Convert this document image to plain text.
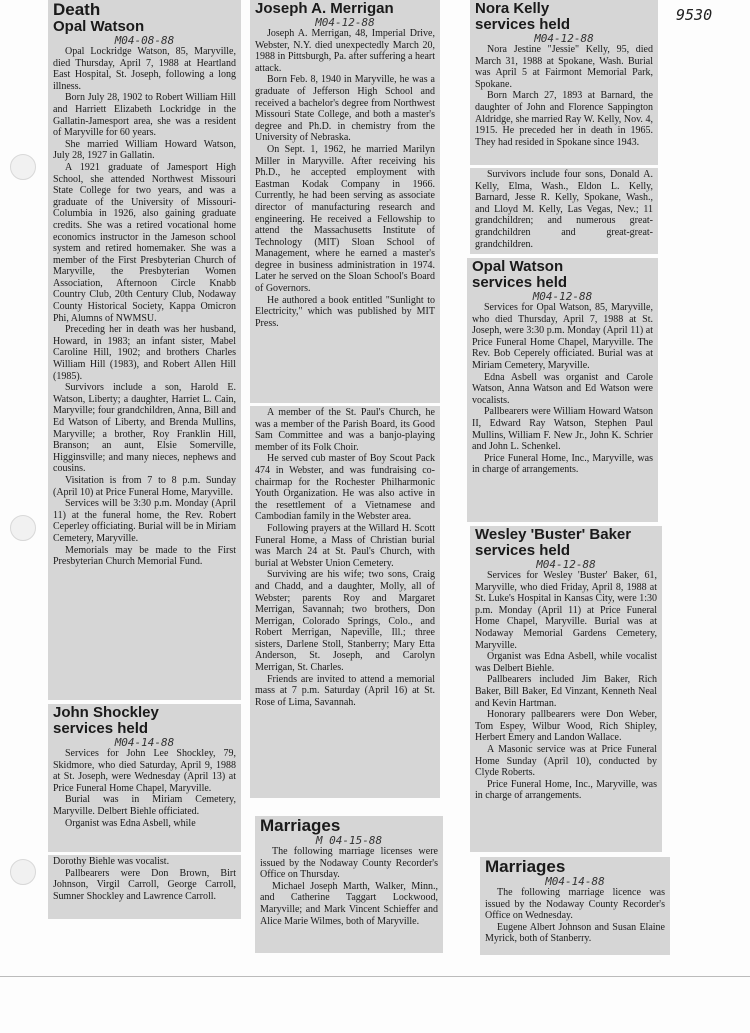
9530
Death
Opal Watson
M04-08-88

Opal Lockridge Watson, 85, Maryville, died Thursday, April 7, 1988 at Heartland East Hospital, St. Joseph, following a long illness.

Born July 28, 1902 to Robert William Hill and Harriett Elizabeth Lockridge in the Gallatin-Jamesport area, she was a resident of Maryville for 60 years.

She married William Howard Watson, July 28, 1927 in Gallatin.

A 1921 graduate of Jamesport High School, she attended Northwest Missouri State College for two years, and was a graduate of the University of Missouri-Columbia in 1926, also gaining graduate credits. She was a retired vocational home economics instructor in the Jameson school system and retired homemaker. She was a member of the First Presbyterian Church of Maryville, the Presbyterian Women Association, Afternoon Circle Knabb Country Club, 20th Century Club, Nodaway County Historical Society, Kappa Omicron Phi, Alumns of NWMSU.

Preceding her in death was her husband, Howard, in 1983; an infant sister, Mabel Caroline Hill, 1902; and brothers Charles William Hill (1983), and Robert Allen Hill (1985).

Survivors include a son, Harold E. Watson, Liberty; a daughter, Harriet L. Cain, Maryville; four grandchildren, Anna, Bill and Ed Watson of Liberty, and Brenda Mullins, Maryville; a brother, Roy Franklin Hill, Branson; an aunt, Elsie Somerville, Higginsville; and many nieces, nephews and cousins.

Visitation is from 7 to 8 p.m. Sunday (April 10) at Price Funeral Home, Maryville.

Services will be 3:30 p.m. Monday (April 11) at the funeral home, the Rev. Robert Ceperley officiating. Burial will be in Miriam Cemetery, Maryville.

Memorials may be made to the First Presbyterian Church Memorial Fund.

John Shockley
services held
M04-14-88

Services for John Lee Shockley, 79, Skidmore, who died Saturday, April 9, 1988 at St. Joseph, were Wednesday (April 13) at Price Funeral Home Chapel, Maryville.

Burial was in Miriam Cemetery, Maryville. Delbert Biehle officiated.

Organist was Edna Asbell, while

Dorothy Biehle was vocalist.

Pallbearers were Don Brown, Birt Johnson, Virgil Carroll, George Carroll, Sumner Shockley and Lawrence Carroll.

Joseph A. Merrigan
M04-12-88

Joseph A. Merrigan, 48, Imperial Drive, Webster, N.Y. died unexpectedly March 20, 1988 in Pittsburgh, Pa. after suffering a heart attack.

Born Feb. 8, 1940 in Maryville, he was a graduate of Jefferson High School and received a bachelor's degree from Northwest Missouri State College, and both a master's degree and Ph.D. in chemistry from the University of Nebraska.

On Sept. 1, 1962, he married Marilyn Miller in Maryville. After receiving his Ph.D., he accepted employment with Eastman Kodak Company in 1966. Currently, he had been serving as associate director of manufacturing research and engineering. He received a Fellowship to attend the Massachusetts Institute of Technology (MIT) Sloan School of Management, where he earned a master's degree in business administration in 1974. Later he served on the Sloan School's Board of Governors.

He authored a book entitled "Sunlight to Electricity," which was published by MIT Press.

A member of the St. Paul's Church, he was a member of the Parish Board, its Good Sam Committee and was a banjo-playing member of its Folk Choir.

He served cub master of Boy Scout Pack 474 in Webster, and was fundraising co-chairmap for the Rochester Philharmonic Youth Organization. He was also active in the resettlement of a Vietnamese and Cambodian family in the Webster area.

Following prayers at the Willard H. Scott Funeral Home, a Mass of Christian burial was March 24 at St. Paul's Church, with burial at Webster Union Cemetery.

Surviving are his wife; two sons, Craig and Chadd, and a daughter, Molly, all of Webster; parents Roy and Margaret Merrigan, Savannah; two brothers, Don Merrigan, Colorado Springs, Colo., and Robert Merrigan, Napeville, Ill.; three sisters, Darlene Stoll, Stanberry; Mary Etta Anderson, St. Joseph, and Carolyn Merrigan, St. Charles.

Friends are invited to attend a memorial mass at 7 p.m. Saturday (April 16) at St. Rose of Lima, Savannah.

Marriages
M 04-15-88

The following marriage licenses were issued by the Nodaway County Recorder's Office on Thursday.

Michael Joseph Marth, Walker, Minn., and Catherine Taggart Lockwood, Maryville; and Mark Vincent Schieffer and Alice Marie Wilmes, both of Maryville.

Nora Kelly
services held
M04-12-88

Nora Jestine "Jessie" Kelly, 95, died March 31, 1988 at Spokane, Wash. Burial was April 5 at Fairmont Memorial Park, Spokane.

Born March 27, 1893 at Barnard, the daughter of John and Florence Sappington Aldridge, she married Ray W. Kelly, Nov. 4, 1915. He preceded her in death in 1965. They had resided in Spokane since 1943.

Survivors include four sons, Donald A. Kelly, Elma, Wash., Eldon L. Kelly, Barnard, Jesse R. Kelly, Spokane, Wash., and Lloyd M. Kelly, Las Vegas, Nev.; 11 grandchildren; and numerous great-grandchildren and great-great-grandchildren.

Opal Watson
services held
M04-12-88

Services for Opal Watson, 85, Maryville, who died Thursday, April 7, 1988 at St. Joseph, were 3:30 p.m. Monday (April 11) at Price Funeral Home Chapel, Maryville. The Rev. Bob Ceperely officiated. Burial was at Miriam Cemetery, Maryville.

Edna Asbell was organist and Carole Watson, Anna Watson and Ed Watson were vocalists.

Pallbearers were William Howard Watson II, Edward Ray Watson, Stephen Paul Mullins, William F. New Jr., John K. Schrier and John L. Schenkel.

Price Funeral Home, Inc., Maryville, was in charge of arrangements.

Wesley 'Buster' Baker
services held
M04-12-88

Services for Wesley 'Buster' Baker, 61, Maryville, who died Friday, April 8, 1988 at St. Luke's Hospital in Kansas City, were 1:30 p.m. Monday (April 11) at Price Funeral Home Chapel, Maryville. Burial was at Nodaway Memorial Gardens Cemetery, Maryville.

Organist was Edna Asbell, while vocalist was Delbert Biehle.

Pallbearers included Jim Baker, Rich Baker, Bill Baker, Ed Vinzant, Kenneth Neal and Kevin Hartman.

Honorary pallbearers were Don Weber, Tom Espey, Wilbur Wood, Rich Shipley, Herbert Emery and Landon Wallace.

A Masonic service was at Price Funeral Home Sunday (April 10), conducted by Clyde Roberts.

Price Funeral Home, Inc., Maryville, was in charge of arrangements.

Marriages
M04-14-88

The following marriage licence was issued by the Nodaway County Recorder's Office on Wednesday.

Eugene Albert Johnson and Susan Elaine Myrick, both of Stanberry.
